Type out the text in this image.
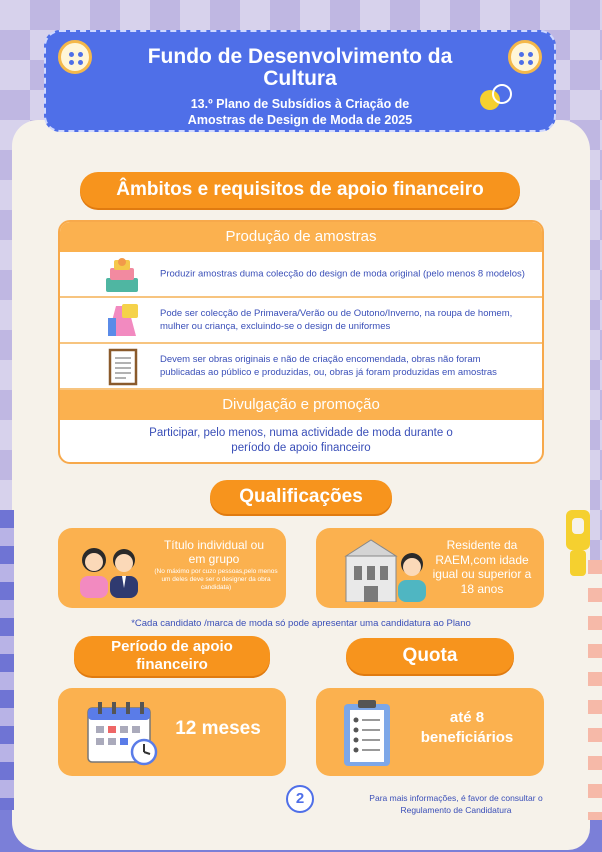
Fundo de Desenvolvimento da Cultura
13.º Plano de Subsídios à Criação de Amostras de Design de Moda de 2025
Âmbitos e requisitos de apoio financeiro
Produção de amostras
Produzir amostras duma colecção do design de moda original (pelo menos 8 modelos)
Pode ser colecção de Primavera/Verão ou de Outono/Inverno, na roupa de homem, mulher ou criança, excluindo-se o design de uniformes
Devem ser obras originais e não de criação encomendada, obras não foram publicadas ao público e produzidas, ou, obras já foram produzidas em amostras
Divulgação e promoção
Participar, pelo menos, numa actividade de moda durante o período de apoio financeiro
Qualificações
Título individual ou em grupo
(No máximo por cuzo pessoas,pelo menos um deles deve ser o designer da obra candidata)
Residente da RAEM,com idade igual ou superior a 18 anos
*Cada candidato /marca de moda só pode apresentar uma candidatura ao Plano
Período de apoio financeiro	Quota
12 meses
até 8 beneficiários
2	Para mais informações, é favor de consultar o Regulamento de Candidatura
